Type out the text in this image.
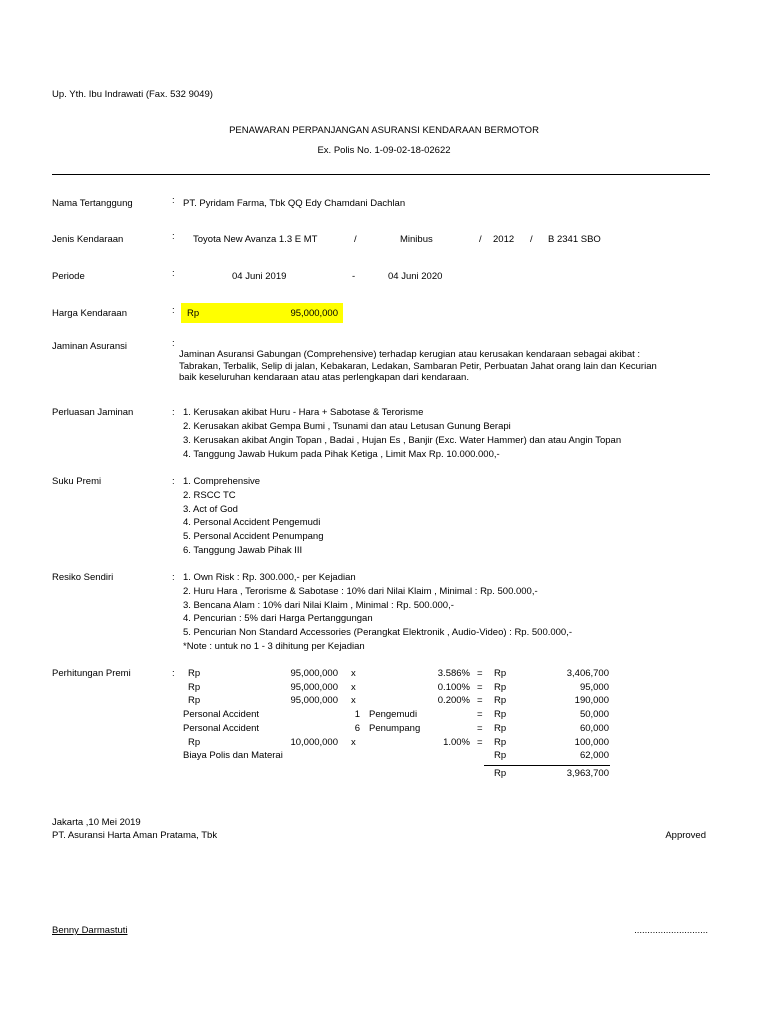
Up. Yth. Ibu Indrawati (Fax. 532 9049)
PENAWARAN PERPANJANGAN ASURANSI KENDARAAN BERMOTOR
Ex. Polis No. 1-09-02-18-02622
Nama Tertanggung	: PT. Pyridam Farma, Tbk QQ Edy Chamdani Dachlan
Jenis Kendaraan	: Toyota New Avanza 1.3 E MT	/	Minibus	/ 2012 / B 2341 SBO
Periode	:	04 Juni 2019	-	04 Juni 2020
Harga Kendaraan	: Rp	95,000,000
Jaminan Asuransi	:
Jaminan Asuransi Gabungan (Comprehensive) terhadap kerugian atau kerusakan kendaraan sebagai akibat :
Tabrakan, Terbalik, Selip di jalan, Kebakaran, Ledakan, Sambaran Petir, Perbuatan Jahat orang lain dan Kecurian
baik keseluruhan kendaraan atau atas perlengkapan dari kendaraan.
Perluasan Jaminan	: 1. Kerusakan akibat Huru - Hara + Sabotase & Terorisme
2. Kerusakan akibat Gempa Bumi , Tsunami dan atau Letusan Gunung Berapi
3. Kerusakan akibat Angin Topan , Badai , Hujan Es , Banjir (Exc. Water Hammer) dan atau Angin Topan
4. Tanggung Jawab Hukum pada Pihak Ketiga , Limit Max Rp. 10.000.000,-
Suku Premi	: 1. Comprehensive
2. RSCC TC
3. Act of God
4. Personal Accident Pengemudi
5. Personal Accident Penumpang
6. Tanggung Jawab Pihak III
Resiko Sendiri	: 1. Own Risk : Rp. 300.000,- per Kejadian
2. Huru Hara , Terorisme & Sabotase : 10% dari Nilai Klaim , Minimal : Rp. 500.000,-
3. Bencana Alam : 10% dari Nilai Klaim , Minimal : Rp. 500.000,-
4. Pencurian : 5% dari Harga Pertanggungan
5. Pencurian Non Standard Accessories (Perangkat Elektronik , Audio-Video) : Rp. 500.000,-
*Note : untuk no 1 - 3 dihitung per Kejadian
Perhitungan Premi	: Rp	95,000,000 x	3.586% = Rp	3,406,700
Rp	95,000,000 x	0.100% = Rp	95,000
Rp	95,000,000 x	0.200% = Rp	190,000
Personal Accident	1 Pengemudi	= Rp	50,000
Personal Accident	6 Penumpang	= Rp	60,000
Rp	10,000,000 x	1.00% = Rp	100,000
Biaya Polis dan Materai	Rp	62,000
Rp	3,963,700
Jakarta ,10 Mei 2019
PT. Asuransi Harta Aman Pratama, Tbk	Approved
Benny Darmastuti	............................
